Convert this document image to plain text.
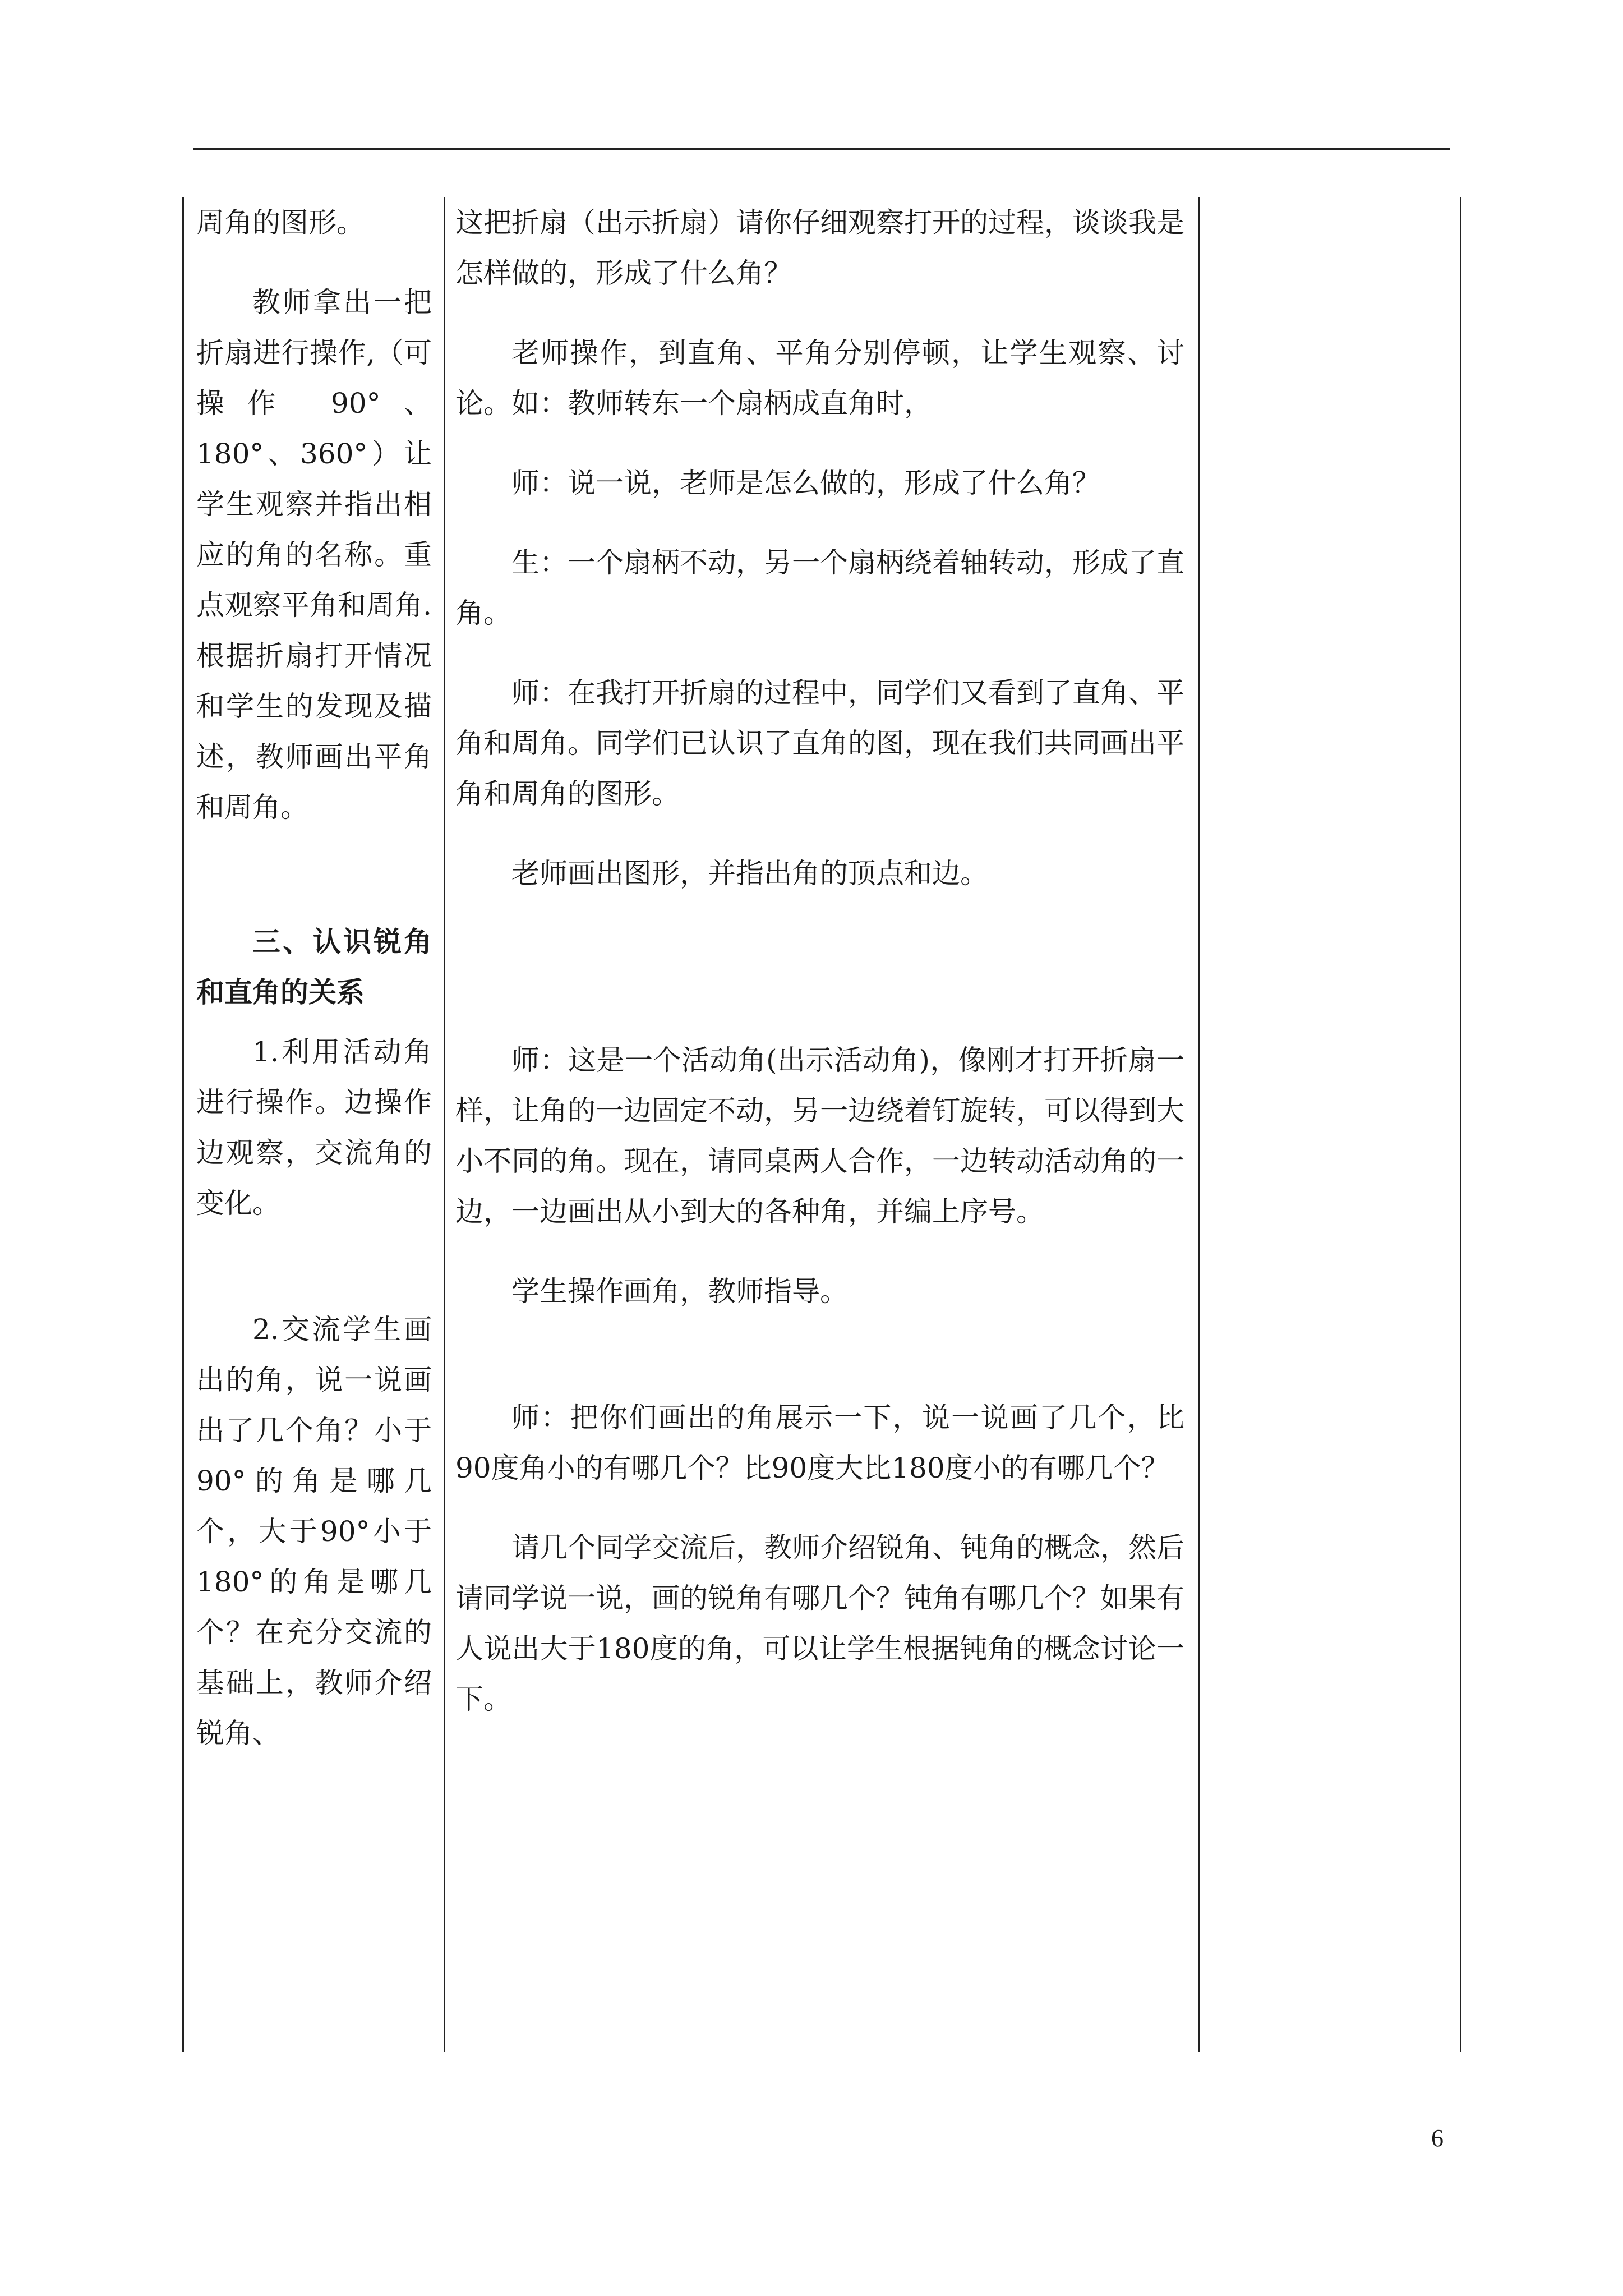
周角的图形。

教师拿出一把折扇进行操作,（可操作 90°、180°、360°）让学生观察并指出相应的角的名称。重点观察平角和周角.根据折扇打开情况和学生的发现及描述，教师画出平角和周角。

三、认识锐角和直角的关系

1.利用活动角进行操作。边操作边观察，交流角的变化。

2.交流学生画出的角，说一说画出了几个角？小于90°的角是哪几个，大于90°小于180°的角是哪几个？在充分交流的基础上，教师介绍锐角、

这把折扇（出示折扇）请你仔细观察打开的过程，谈谈我是怎样做的，形成了什么角？

老师操作，到直角、平角分别停顿，让学生观察、讨论。如：教师转东一个扇柄成直角时，

师：说一说，老师是怎么做的，形成了什么角？

生：一个扇柄不动，另一个扇柄绕着轴转动，形成了直角。

师：在我打开折扇的过程中，同学们又看到了直角、平角和周角。同学们已认识了直角的图，现在我们共同画出平角和周角的图形。

老师画出图形，并指出角的顶点和边。

师：这是一个活动角(出示活动角)，像刚才打开折扇一样，让角的一边固定不动，另一边绕着钉旋转，可以得到大小不同的角。现在，请同桌两人合作，一边转动活动角的一边，一边画出从小到大的各种角，并编上序号。

学生操作画角，教师指导。

师：把你们画出的角展示一下，说一说画了几个，比90度角小的有哪几个？比90度大比180度小的有哪几个？

请几个同学交流后，教师介绍锐角、钝角的概念，然后请同学说一说，画的锐角有哪几个？钝角有哪几个？如果有人说出大于180度的角，可以让学生根据钝角的概念讨论一下。

6
